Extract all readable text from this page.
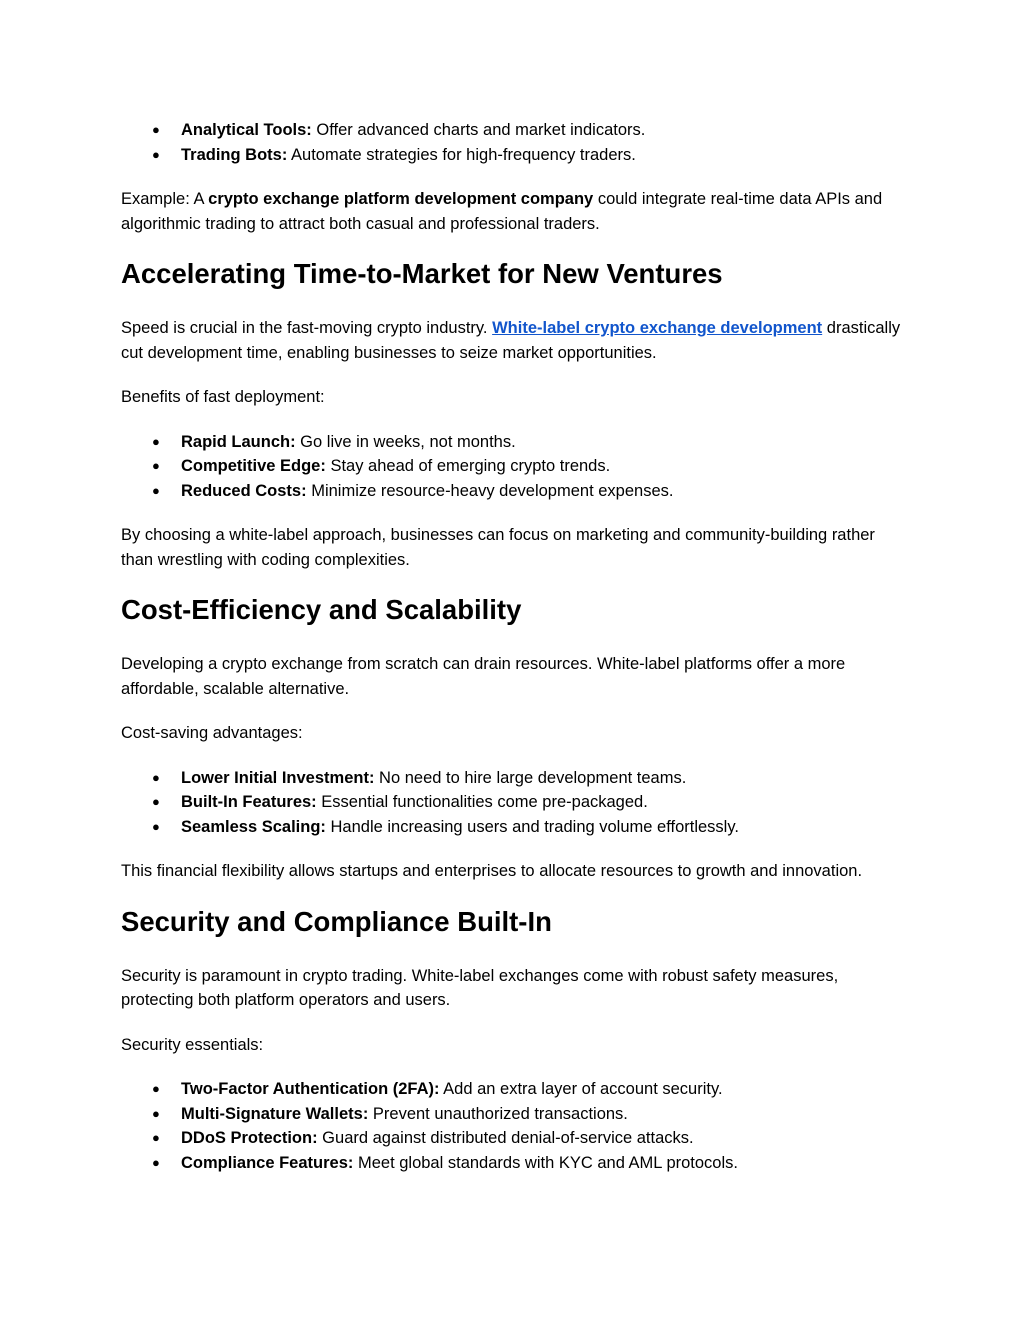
● Analytical Tools: Offer advanced charts and market indicators.
● Trading Bots: Automate strategies for high-frequency traders.

Example: A crypto exchange platform development company could integrate real-time data APIs and algorithmic trading to attract both casual and professional traders.

Accelerating Time-to-Market for New Ventures

Speed is crucial in the fast-moving crypto industry. White-label crypto exchange development drastically cut development time, enabling businesses to seize market opportunities.

Benefits of fast deployment:

● Rapid Launch: Go live in weeks, not months.
● Competitive Edge: Stay ahead of emerging crypto trends.
● Reduced Costs: Minimize resource-heavy development expenses.

By choosing a white-label approach, businesses can focus on marketing and community-building rather than wrestling with coding complexities.

Cost-Efficiency and Scalability

Developing a crypto exchange from scratch can drain resources. White-label platforms offer a more affordable, scalable alternative.

Cost-saving advantages:

● Lower Initial Investment: No need to hire large development teams.
● Built-In Features: Essential functionalities come pre-packaged.
● Seamless Scaling: Handle increasing users and trading volume effortlessly.

This financial flexibility allows startups and enterprises to allocate resources to growth and innovation.

Security and Compliance Built-In

Security is paramount in crypto trading. White-label exchanges come with robust safety measures, protecting both platform operators and users.

Security essentials:

● Two-Factor Authentication (2FA): Add an extra layer of account security.
● Multi-Signature Wallets: Prevent unauthorized transactions.
● DDoS Protection: Guard against distributed denial-of-service attacks.
● Compliance Features: Meet global standards with KYC and AML protocols.
